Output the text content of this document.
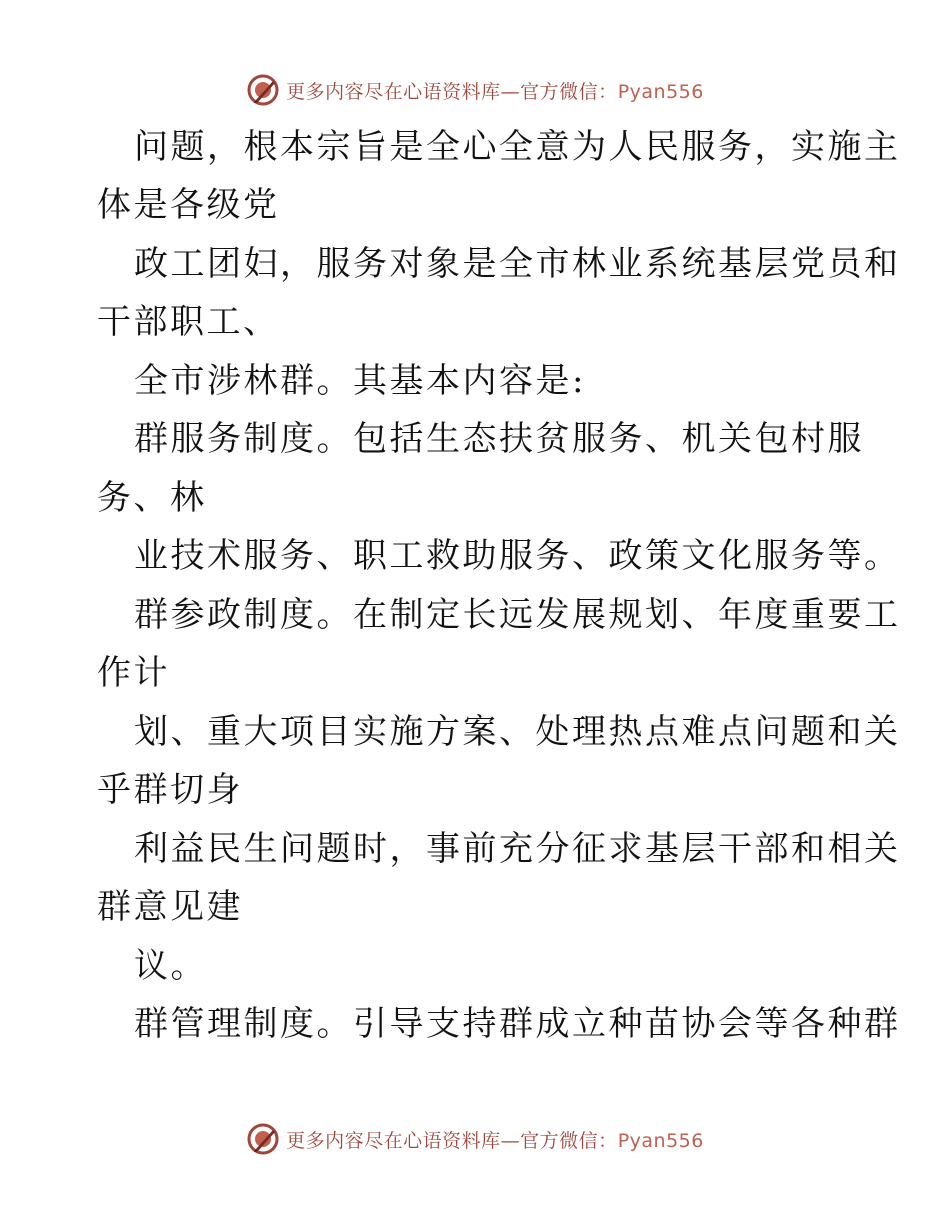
更多内容尽在心语资料库—官方微信：Pyan556
问题，根本宗旨是全心全意为人民服务，实施主
体是各级党
政工团妇，服务对象是全市林业系统基层党员和
干部职工、
全市涉林群。其基本内容是:
群服务制度。包括生态扶贫服务、机关包村服
务、林
业技术服务、职工救助服务、政策文化服务等。
群参政制度。在制定长远发展规划、年度重要工
作计
划、重大项目实施方案、处理热点难点问题和关
乎群切身
利益民生问题时，事前充分征求基层干部和相关
群意见建
议。
群管理制度。引导支持群成立种苗协会等各种群
更多内容尽在心语资料库—官方微信：Pyan556
